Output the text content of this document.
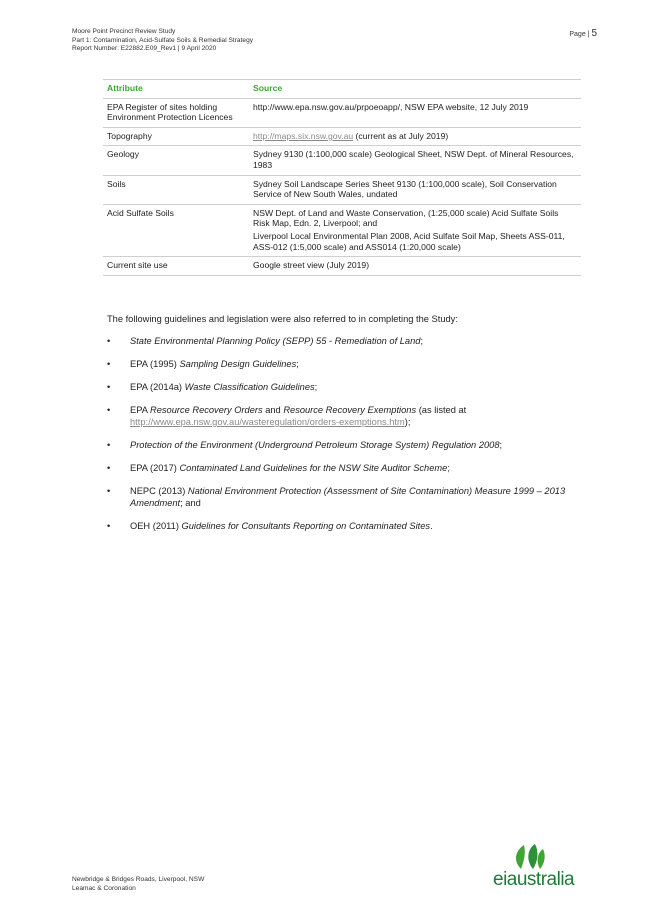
Moore Point Precinct Review Study
Part 1: Contamination, Acid-Sulfate Soils & Remedial Strategy
Report Number: E22882.E09_Rev1 | 9 April 2020
Page | 5
Attribute	Source
EPA Register of sites holding Environment Protection Licences	http://www.epa.nsw.gov.au/prpoeoapp/, NSW EPA website, 12 July 2019
Topography	http://maps.six.nsw.gov.au (current as at July 2019)
Geology	Sydney 9130 (1:100,000 scale) Geological Sheet, NSW Dept. of Mineral Resources, 1983
Soils	Sydney Soil Landscape Series Sheet 9130 (1:100,000 scale), Soil Conservation Service of New South Wales, undated
Acid Sulfate Soils	NSW Dept. of Land and Waste Conservation, (1:25,000 scale) Acid Sulfate Soils Risk Map, Edn. 2, Liverpool; and
Liverpool Local Environmental Plan 2008, Acid Sulfate Soil Map, Sheets ASS-011, ASS-012 (1:5,000 scale) and ASS014 (1:20,000 scale)

Current site use	Google street view (July 2019)
The following guidelines and legislation were also referred to in completing the Study:
• State Environmental Planning Policy (SEPP) 55 - Remediation of Land;
• EPA (1995) Sampling Design Guidelines;
• EPA (2014a) Waste Classification Guidelines;
• EPA Resource Recovery Orders and Resource Recovery Exemptions (as listed at http://www.epa.nsw.gov.au/wasteregulation/orders-exemptions.htm);
• Protection of the Environment (Underground Petroleum Storage System) Regulation 2008;
• EPA (2017) Contaminated Land Guidelines for the NSW Site Auditor Scheme;
• NEPC (2013) National Environment Protection (Assessment of Site Contamination) Measure 1999 – 2013 Amendment; and
• OEH (2011) Guidelines for Consultants Reporting on Contaminated Sites.
Newbridge & Bridges Roads, Liverpool, NSW
Leamac & Coronation	eiaustralia
